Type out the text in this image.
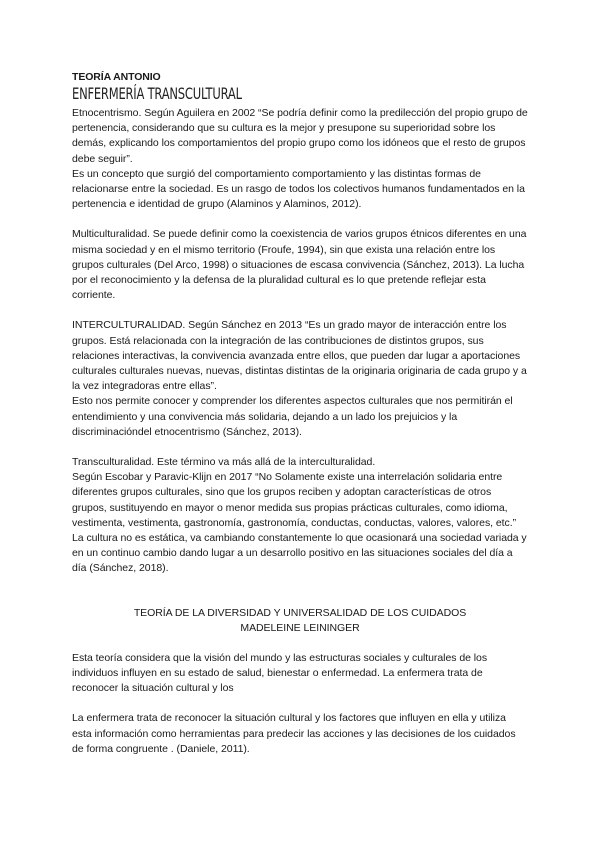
TEORÍA ANTONIO

ENFERMERÍA TRANSCULTURAL

Etnocentrismo. Según Aguilera en 2002 “Se podría definir como la predilección del propio grupo de pertenencia, considerando que su cultura es la mejor y presupone su superioridad sobre los demás, explicando los comportamientos del propio grupo como los idóneos que el resto de grupos debe seguir”.

Es un concepto que surgió del comportamiento comportamiento y las distintas formas de relacionarse entre la sociedad. Es un rasgo de todos los colectivos humanos fundamentados en la pertenencia e identidad de grupo (Alaminos y Alaminos, 2012).

Multiculturalidad. Se puede definir como la coexistencia de varios grupos étnicos diferentes en una misma sociedad y en el mismo territorio (Froufe, 1994), sin que exista una relación entre los grupos culturales (Del Arco, 1998) o situaciones de escasa convivencia (Sánchez, 2013). La lucha por el reconocimiento y la defensa de la pluralidad cultural es lo que pretende reflejar esta corriente.

INTERCULTURALIDAD. Según Sánchez en 2013 “Es un grado mayor de interacción entre los grupos. Está relacionada con la integración de las contribuciones de distintos grupos, sus relaciones interactivas, la convivencia avanzada entre ellos, que pueden dar lugar a aportaciones culturales culturales nuevas, nuevas, distintas distintas de la originaria originaria de cada grupo y a la vez integradoras entre ellas”.

Esto nos permite conocer y comprender los diferentes aspectos culturales que nos permitirán el entendimiento y una convivencia más solidaria, dejando a un lado los prejuicios y la discriminacióndel etnocentrismo (Sánchez, 2013).

Transculturalidad. Este término va más allá de la interculturalidad.

Según Escobar y Paravic-Klijn en 2017 “No Solamente existe una interrelación solidaria entre diferentes grupos culturales, sino que los grupos reciben y adoptan características de otros grupos, sustituyendo en mayor o menor medida sus propias prácticas culturales, como idioma, vestimenta, vestimenta, gastronomía, gastronomía, conductas, conductas, valores, valores, etc.”

La cultura no es estática, va cambiando constantemente lo que ocasionará una sociedad variada y en un continuo cambio dando lugar a un desarrollo positivo en las situaciones sociales del día a día (Sánchez, 2018).

TEORÍA DE LA DIVERSIDAD Y UNIVERSALIDAD DE LOS CUIDADOS

MADELEINE LEININGER

Esta teoría considera que la visión del mundo y las estructuras sociales y culturales de los individuos influyen en su estado de salud, bienestar o enfermedad. La enfermera trata de reconocer la situación cultural y los

La enfermera trata de reconocer la situación cultural y los factores que influyen en ella y utiliza esta información como herramientas para predecir las acciones y las decisiones de los cuidados de forma congruente . (Daniele, 2011).
